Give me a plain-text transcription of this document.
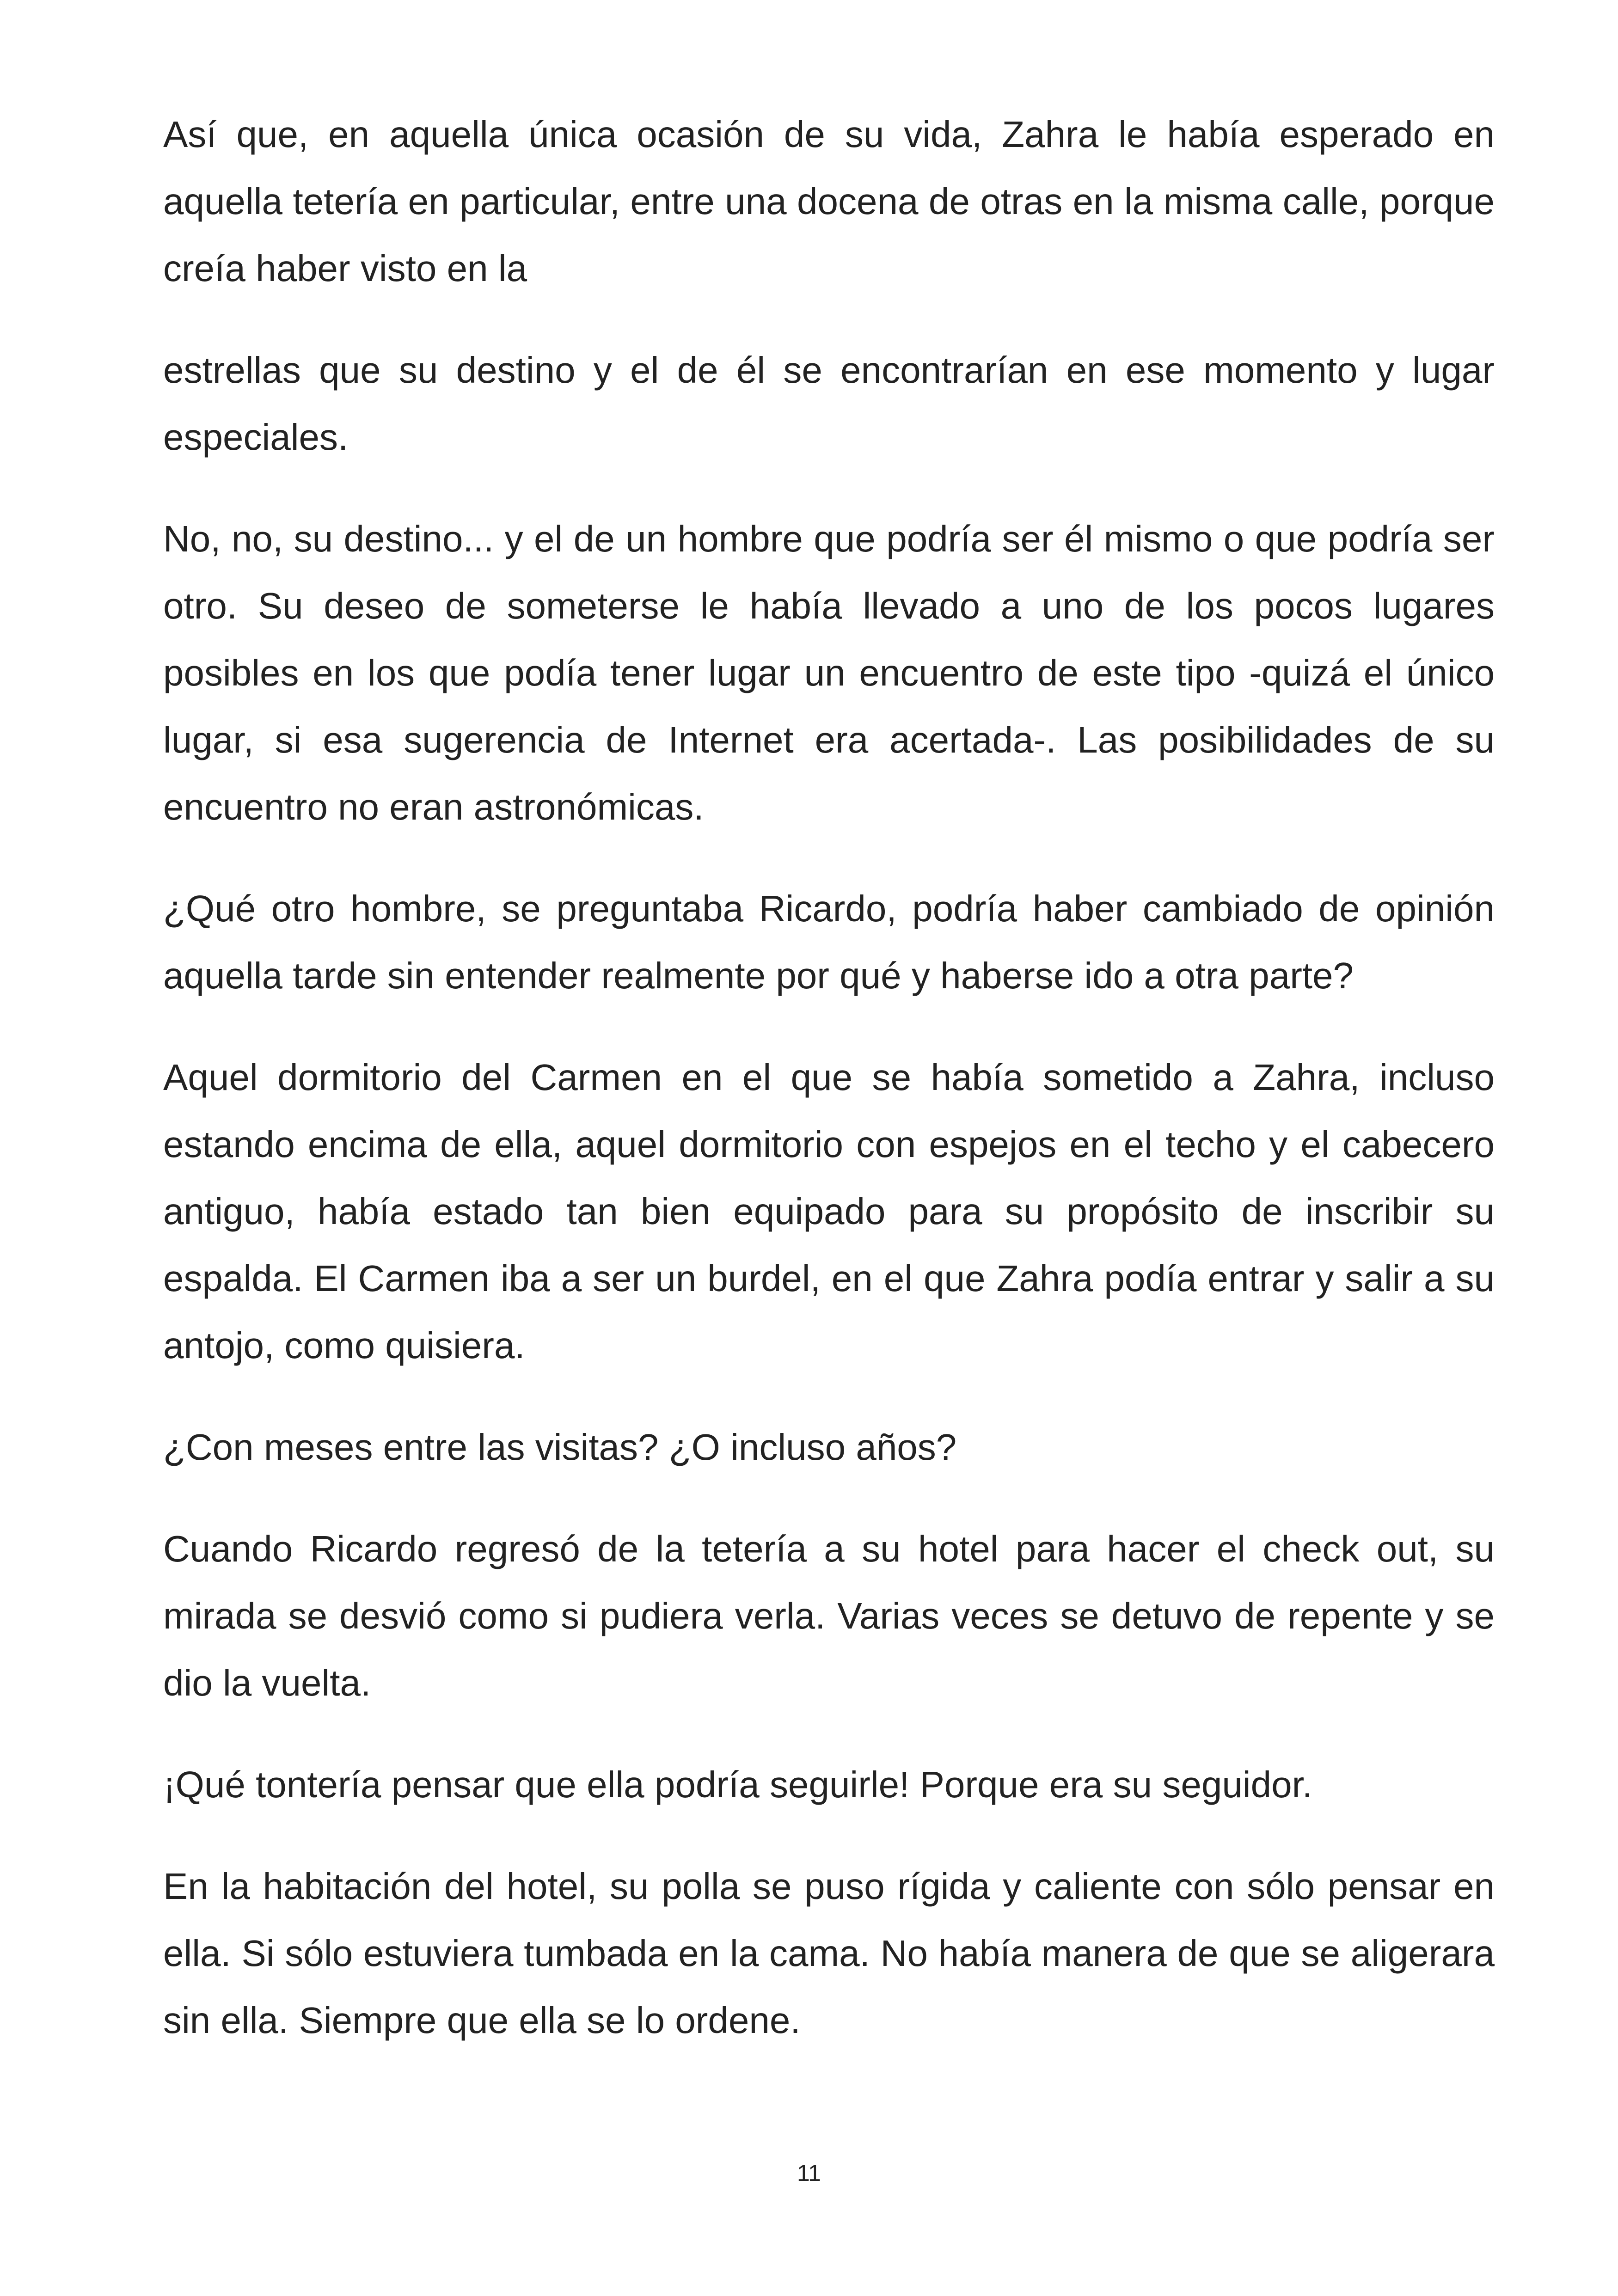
Así que, en aquella única ocasión de su vida, Zahra le había esperado en aquella tetería en particular, entre una docena de otras en la misma calle, porque creía haber visto en la

estrellas que su destino y el de él se encontrarían en ese momento y lugar especiales.

No, no, su destino... y el de un hombre que podría ser él mismo o que podría ser otro. Su deseo de someterse le había llevado a uno de los pocos lugares posibles en los que podía tener lugar un encuentro de este tipo -quizá el único lugar, si esa sugerencia de Internet era acertada-. Las posibilidades de su encuentro no eran astronómicas.

¿Qué otro hombre, se preguntaba Ricardo, podría haber cambiado de opinión aquella tarde sin entender realmente por qué y haberse ido a otra parte?

Aquel dormitorio del Carmen en el que se había sometido a Zahra, incluso estando encima de ella, aquel dormitorio con espejos en el techo y el cabecero antiguo, había estado tan bien equipado para su propósito de inscribir su espalda. El Carmen iba a ser un burdel, en el que Zahra podía entrar y salir a su antojo, como quisiera.

¿Con meses entre las visitas? ¿O incluso años?

Cuando Ricardo regresó de la tetería a su hotel para hacer el check out, su mirada se desvió como si pudiera verla. Varias veces se detuvo de repente y se dio la vuelta.

¡Qué tontería pensar que ella podría seguirle! Porque era su seguidor.

En la habitación del hotel, su polla se puso rígida y caliente con sólo pensar en ella. Si sólo estuviera tumbada en la cama. No había manera de que se aligerara sin ella. Siempre que ella se lo ordene.

11
